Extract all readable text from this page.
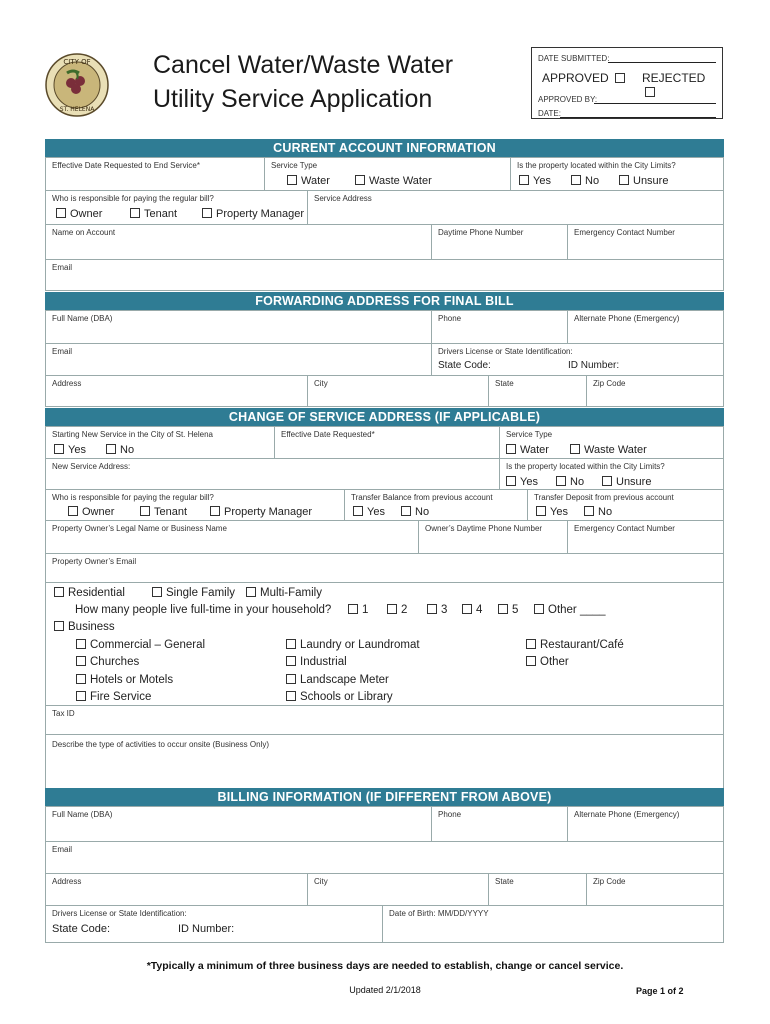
CITY OF
ST. HELENA
Cancel Water/Waste Water
Utility Service Application
DATE SUBMITTED:
APPROVED	REJECTED
APPROVED BY:
DATE:
CURRENT ACCOUNT INFORMATION
Effective Date Requested to End Service*	Service Type
Water	Waste Water
Is the property located within the City Limits?
Yes	No	Unsure
Who is responsible for paying the regular bill?
Owner	Tenant	Property Manager
Service Address
Name on Account	Daytime Phone Number	Emergency Contact Number
Email
FORWARDING ADDRESS FOR FINAL BILL
Full Name (DBA)	Phone	Alternate Phone (Emergency)
Email	Drivers License or State Identification:
State Code:	ID Number:
Address	City	State	Zip Code
CHANGE OF SERVICE ADDRESS (IF APPLICABLE)
Starting New Service in the City of St. Helena
Yes	No
Effective Date Requested*	Service Type
Water	Waste Water
New Service Address:	Is the property located within the City Limits?
Yes	No	Unsure
Who is responsible for paying the regular bill?
Owner	Tenant	Property Manager
Transfer Balance from previous account
Yes	No
Transfer Deposit from previous account
Yes	No
Property Owner’s Legal Name or Business Name	Owner’s Daytime Phone Number	Emergency Contact Number
Property Owner’s Email
Residential	Single Family	Multi-Family
How many people live full-time in your household?	1	2	3	4	5	Other ____
Business
Commercial – General
Churches
Hotels or Motels
Fire Service
Laundry or Laundromat
Industrial
Landscape Meter
Schools or Library
Restaurant/Café
Other
Tax ID
Describe the type of activities to occur onsite (Business Only)
BILLING INFORMATION (IF DIFFERENT FROM ABOVE)
Full Name (DBA)	Phone	Alternate Phone (Emergency)
Email
Address	City	State	Zip Code
Drivers License or State Identification:
State Code:	ID Number:
Date of Birth: MM/DD/YYYY
*Typically a minimum of three business days are needed to establish, change or cancel service.
Updated 2/1/2018	Page 1 of 2
